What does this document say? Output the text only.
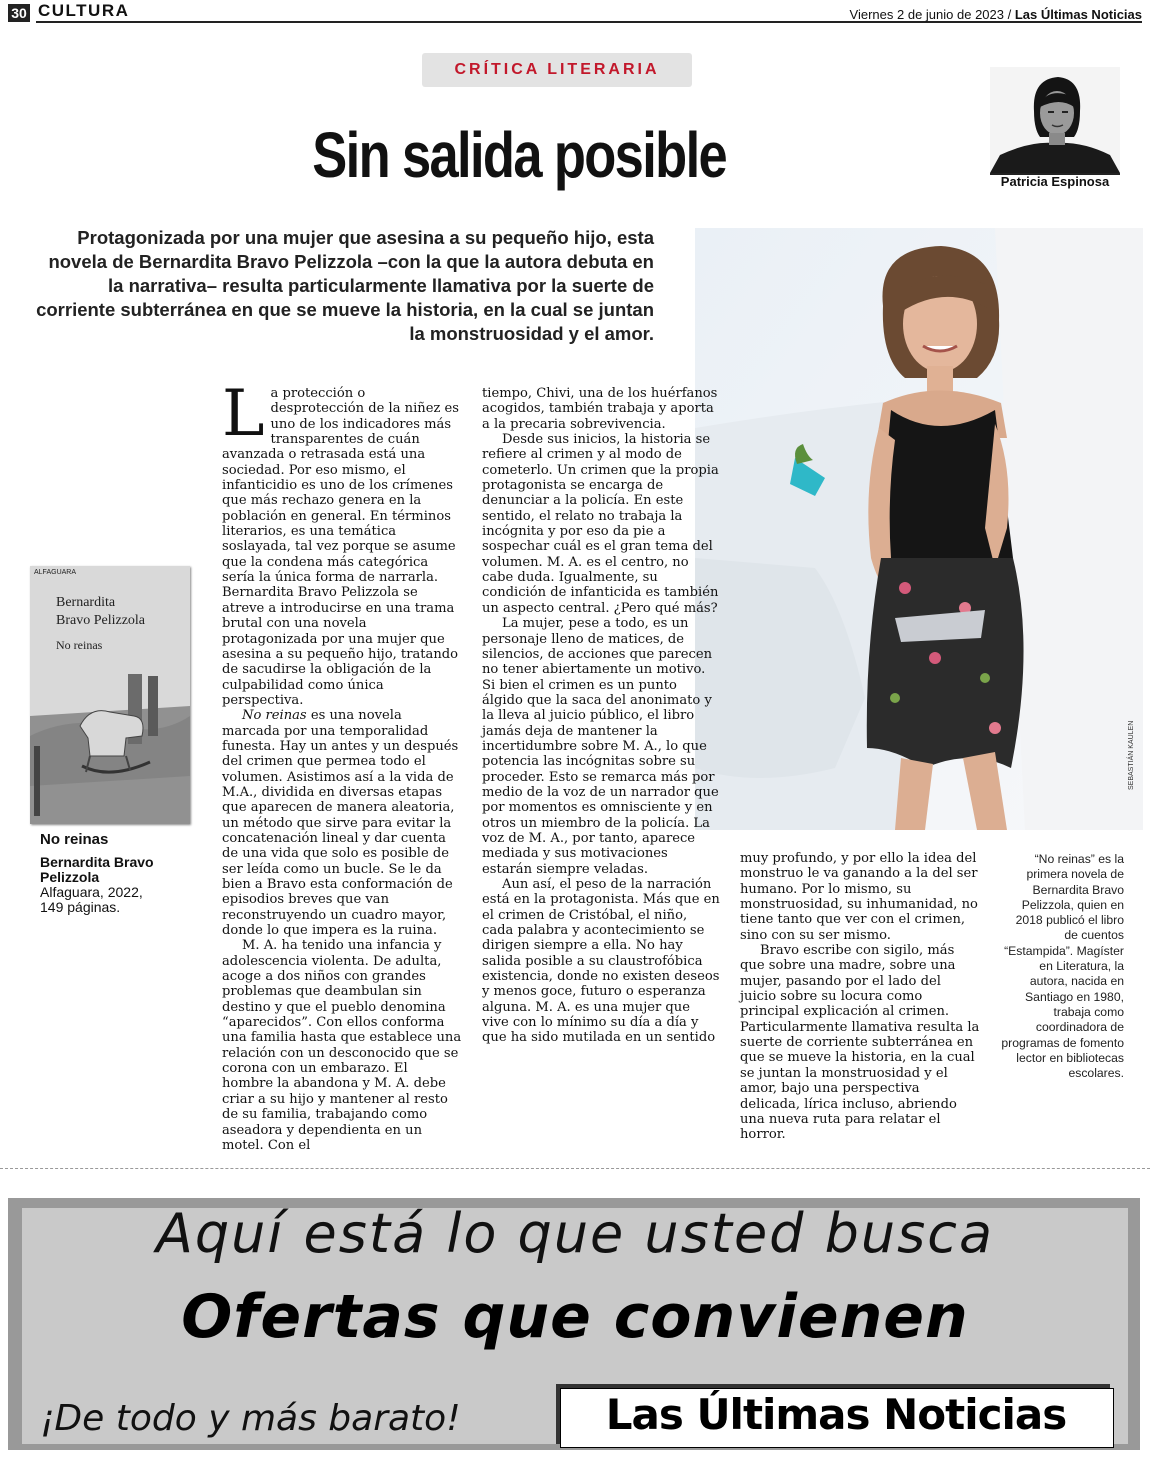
30 CULTURA	Viernes 2 de junio de 2023 / Las Últimas Noticias
CRÍTICA LITERARIA
Sin salida posible	Patricia Espinosa
Protagonizada por una mujer que asesina a su pequeño hijo, esta novela de Bernardita Bravo Pelizzola –con la que la autora debuta en la narrativa– resulta particularmente llamativa por la suerte de corriente subterránea en que se mueve la historia, en la cual se juntan la monstruosidad y el amor.
SEBASTIÁN KAULEN
ALFAGUARA
Bernardita
Bravo Pelizzola
No reinas
No reinas
Bernardita Bravo Pelizzola
Alfaguara, 2022,
149 páginas.

La protección o desprotección de la niñez es uno de los indicadores más transparentes de cuán avanzada o retrasada está una sociedad. Por eso mismo, el infanticidio es uno de los crímenes que más rechazo genera en la población en general. En términos literarios, es una temática soslayada, tal vez porque se asume que la condena más categórica sería la única forma de narrarla. Bernardita Bravo Pelizzola se atreve a introducirse en una trama brutal con una novela protagonizada por una mujer que asesina a su pequeño hijo, tratando de sacudirse la obligación de la culpabilidad como única perspectiva.

No reinas es una novela marcada por una temporalidad funesta. Hay un antes y un después del crimen que permea todo el volumen. Asistimos así a la vida de M.A., dividida en diversas etapas que aparecen de manera aleatoria, un método que sirve para evitar la concatenación lineal y dar cuenta de una vida que solo es posible de ser leída como un bucle. Se le da bien a Bravo esta conformación de episodios breves que van reconstruyendo un cuadro mayor, donde lo que impera es la ruina.

M. A. ha tenido una infancia y adolescencia violenta. De adulta, acoge a dos niños con grandes problemas que deambulan sin destino y que el pueblo denomina “aparecidos”. Con ellos conforma una familia hasta que establece una relación con un desconocido que se corona con un embarazo. El hombre la abandona y M. A. debe criar a su hijo y mantener al resto de su familia, trabajando como aseadora y dependienta en un motel. Con el

tiempo, Chivi, una de los huérfanos acogidos, también trabaja y aporta a la precaria sobrevivencia.

Desde sus inicios, la historia se refiere al crimen y al modo de cometerlo. Un crimen que la propia protagonista se encarga de denunciar a la policía. En este sentido, el relato no trabaja la incógnita y por eso da pie a sospechar cuál es el gran tema del volumen. M. A. es el centro, no cabe duda. Igualmente, su condición de infanticida es también un aspecto central. ¿Pero qué más?

La mujer, pese a todo, es un personaje lleno de matices, de silencios, de acciones que parecen no tener abiertamente un motivo. Si bien el crimen es un punto álgido que la saca del anonimato y la lleva al juicio público, el libro jamás deja de mantener la incertidumbre sobre M. A., lo que potencia las incógnitas sobre su proceder. Esto se remarca más por medio de la voz de un narrador que por momentos es omnisciente y en otros un miembro de la policía. La voz de M. A., por tanto, aparece mediada y sus motivaciones estarán siempre veladas.

Aun así, el peso de la narración está en la protagonista. Más que en el crimen de Cristóbal, el niño, cada palabra y acontecimiento se dirigen siempre a ella. No hay salida posible a su claustrofóbica existencia, donde no existen deseos y menos goce, futuro o esperanza alguna. M. A. es una mujer que vive con lo mínimo su día a día y que ha sido mutilada en un sentido

muy profundo, y por ello la idea del monstruo le va ganando a la del ser humano. Por lo mismo, su monstruosidad, su inhumanidad, no tiene tanto que ver con el crimen, sino con su ser mismo.

Bravo escribe con sigilo, más que sobre una madre, sobre una mujer, pasando por el lado del juicio sobre su locura como principal explicación al crimen. Particularmente llamativa resulta la suerte de corriente subterránea en que se mueve la historia, en la cual se juntan la monstruosidad y el amor, bajo una perspectiva delicada, lírica incluso, abriendo una nueva ruta para relatar el horror.

“No reinas” es la primera novela de Bernardita Bravo Pelizzola, quien en 2018 publicó el libro de cuentos “Estampida”. Magíster en Literatura, la autora, nacida en Santiago en 1980, trabaja como coordinadora de programas de fomento lector en bibliotecas escolares.
Aquí está lo que usted busca
Ofertas que convienen
¡De todo y más barato!	Las Últimas Noticias
